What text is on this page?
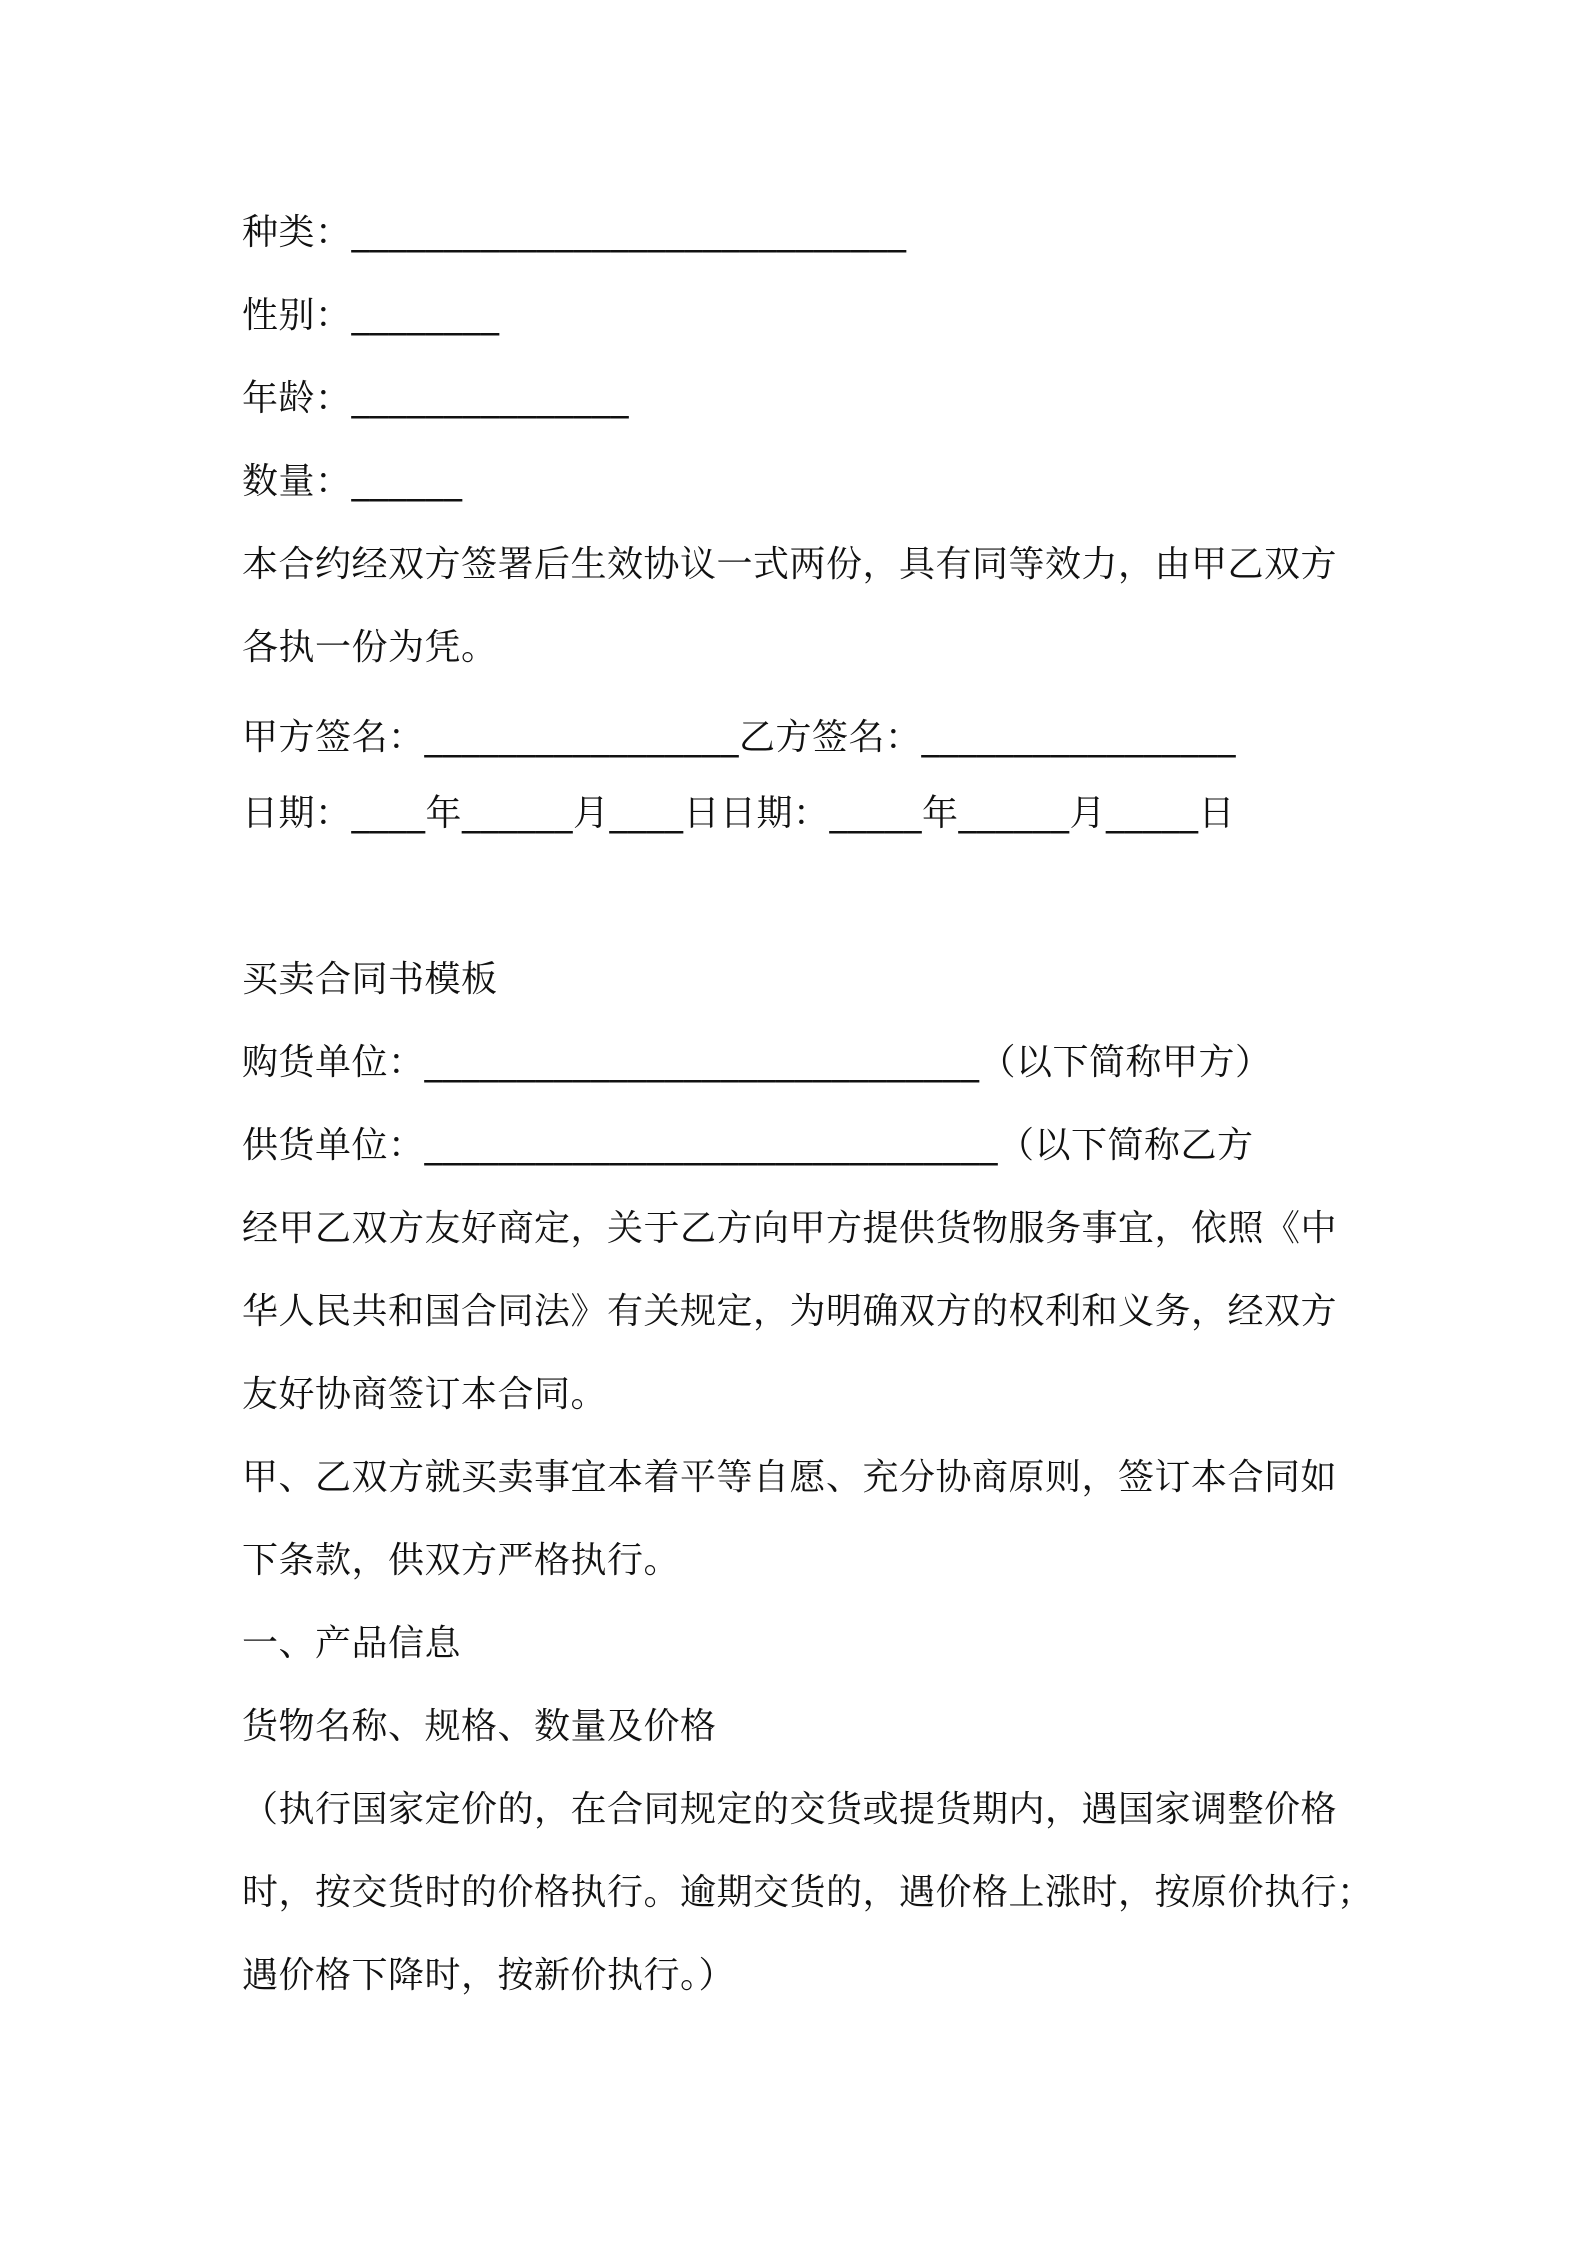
种类：______________________________
性别：________
年龄：_______________
数量：______
本合约经双方签署后生效协议一式两份，具有同等效力，由甲乙双方
各执一份为凭。
甲方签名：_________________乙方签名：_________________
日期：____年______月____日日期：_____年______月_____日
买卖合同书模板
购货单位：______________________________（以下简称甲方）
供货单位：_______________________________（以下简称乙方
经甲乙双方友好商定，关于乙方向甲方提供货物服务事宜，依照《中
华人民共和国合同法》有关规定，为明确双方的权利和义务，经双方
友好协商签订本合同。
甲、乙双方就买卖事宜本着平等自愿、充分协商原则，签订本合同如
下条款，供双方严格执行。
一、产品信息
货物名称、规格、数量及价格
（执行国家定价的，在合同规定的交货或提货期内，遇国家调整价格
时，按交货时的价格执行。逾期交货的，遇价格上涨时，按原价执行；
遇价格下降时，按新价执行。）
